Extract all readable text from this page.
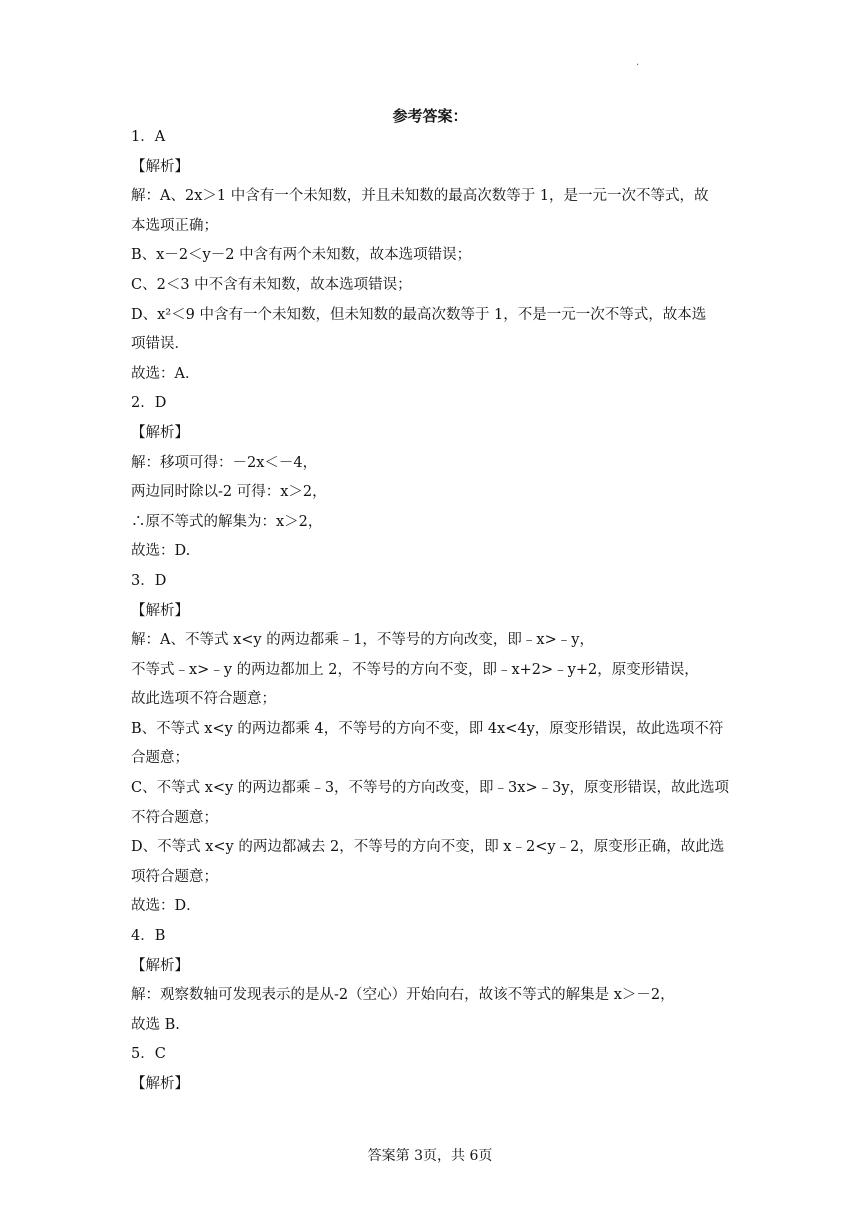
·
参考答案：
1．A
【解析】
解：A、2x＞1 中含有一个未知数，并且未知数的最高次数等于 1，是一元一次不等式，故
本选项正确；
B、x－2＜y－2 中含有两个未知数，故本选项错误；
C、2＜3 中不含有未知数，故本选项错误；
D、x²＜9 中含有一个未知数，但未知数的最高次数等于 1，不是一元一次不等式，故本选
项错误．
故选：A．
2．D
【解析】
解：移项可得：－2x＜－4，
两边同时除以-2 可得：x＞2，
∴原不等式的解集为：x＞2，
故选：D.
3．D
【解析】
解：A、不等式 x<y 的两边都乘﹣1，不等号的方向改变，即﹣x>﹣y，
不等式﹣x>﹣y 的两边都加上 2，不等号的方向不变，即﹣x+2>﹣y+2，原变形错误，
故此选项不符合题意；
B、不等式 x<y 的两边都乘 4，不等号的方向不变，即 4x<4y，原变形错误，故此选项不符
合题意；
C、不等式 x<y 的两边都乘﹣3，不等号的方向改变，即﹣3x>﹣3y，原变形错误，故此选项
不符合题意；
D、不等式 x<y 的两边都减去 2，不等号的方向不变，即 x﹣2<y﹣2，原变形正确，故此选
项符合题意；
故选：D．
4．B
【解析】
解：观察数轴可发现表示的是从-2（空心）开始向右，故该不等式的解集是 x＞－2，
故选 B.
5．C
【解析】
答案第 3页，共 6页
